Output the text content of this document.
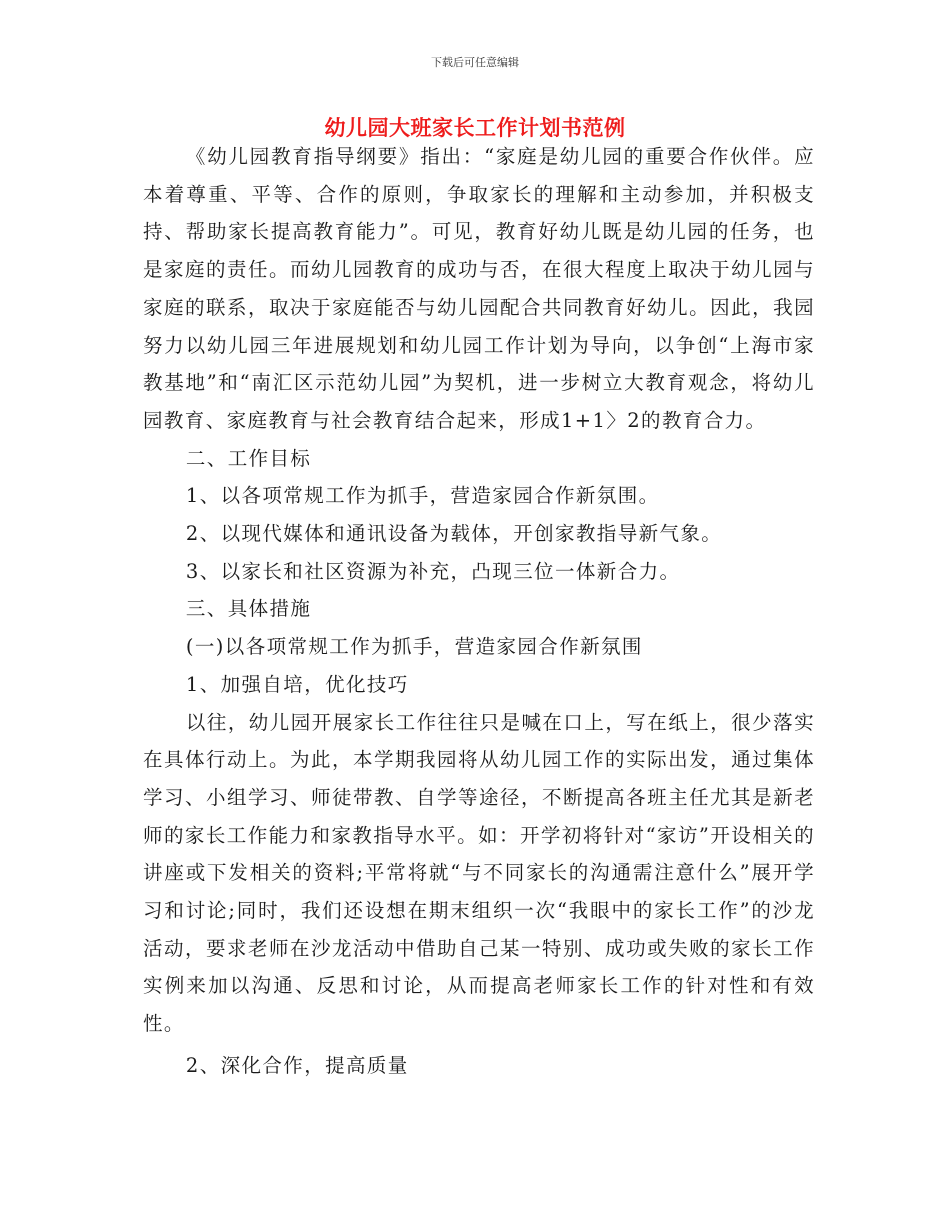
下载后可任意编辑
幼儿园大班家长工作计划书范例

《幼儿园教育指导纲要》指出：“家庭是幼儿园的重要合作伙伴。应本着尊重、平等、合作的原则，争取家长的理解和主动参加，并积极支持、帮助家长提高教育能力”。可见，教育好幼儿既是幼儿园的任务，也是家庭的责任。而幼儿园教育的成功与否，在很大程度上取决于幼儿园与家庭的联系，取决于家庭能否与幼儿园配合共同教育好幼儿。因此，我园努力以幼儿园三年进展规划和幼儿园工作计划为导向，以争创“上海市家教基地”和“南汇区示范幼儿园”为契机，进一步树立大教育观念，将幼儿园教育、家庭教育与社会教育结合起来，形成1+1〉2的教育合力。

二、工作目标

1、以各项常规工作为抓手，营造家园合作新氛围。

2、以现代媒体和通讯设备为载体，开创家教指导新气象。

3、以家长和社区资源为补充，凸现三位一体新合力。

三、具体措施

(一)以各项常规工作为抓手，营造家园合作新氛围

1、加强自培，优化技巧

以往，幼儿园开展家长工作往往只是喊在口上，写在纸上，很少落实在具体行动上。为此，本学期我园将从幼儿园工作的实际出发，通过集体学习、小组学习、师徒带教、自学等途径，不断提高各班主任尤其是新老师的家长工作能力和家教指导水平。如：开学初将针对“家访”开设相关的讲座或下发相关的资料;平常将就“与不同家长的沟通需注意什么”展开学习和讨论;同时，我们还设想在期末组织一次“我眼中的家长工作”的沙龙活动，要求老师在沙龙活动中借助自己某一特别、成功或失败的家长工作实例来加以沟通、反思和讨论，从而提高老师家长工作的针对性和有效性。

2、深化合作，提高质量
